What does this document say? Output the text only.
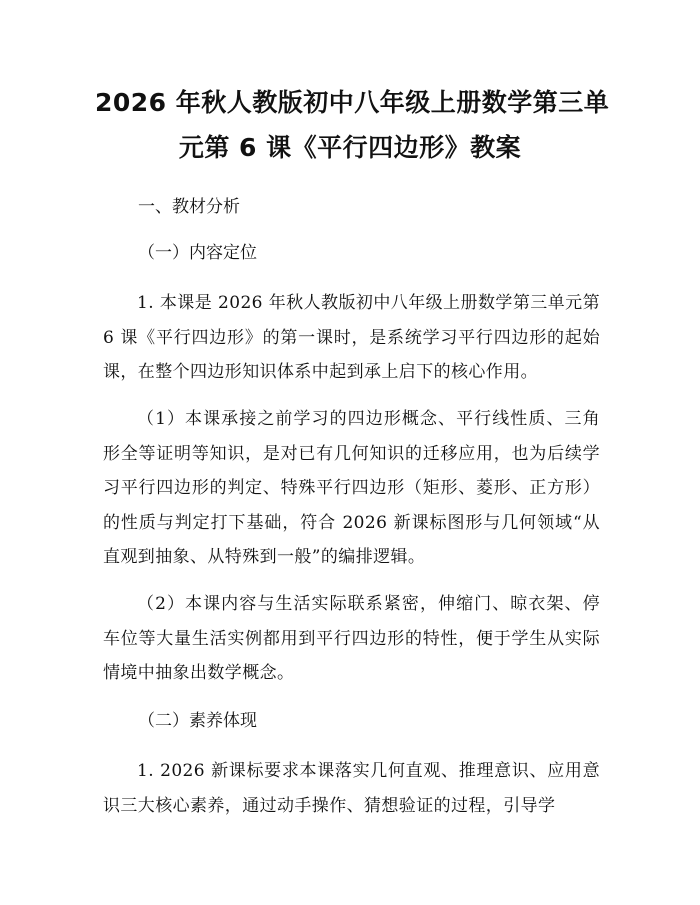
2026 年秋人教版初中八年级上册数学第三单
元第 6 课《平行四边形》教案

一、教材分析

（一）内容定位

1. 本课是 2026 年秋人教版初中八年级上册数学第三单元第 6 课《平行四边形》的第一课时，是系统学习平行四边形的起始课，在整个四边形知识体系中起到承上启下的核心作用。

（1）本课承接之前学习的四边形概念、平行线性质、三角形全等证明等知识，是对已有几何知识的迁移应用，也为后续学习平行四边形的判定、特殊平行四边形（矩形、菱形、正方形）的性质与判定打下基础，符合 2026 新课标图形与几何领域“从直观到抽象、从特殊到一般”的编排逻辑。

（2）本课内容与生活实际联系紧密，伸缩门、晾衣架、停车位等大量生活实例都用到平行四边形的特性，便于学生从实际情境中抽象出数学概念。

（二）素养体现

1. 2026 新课标要求本课落实几何直观、推理意识、应用意识三大核心素养，通过动手操作、猜想验证的过程，引导学
